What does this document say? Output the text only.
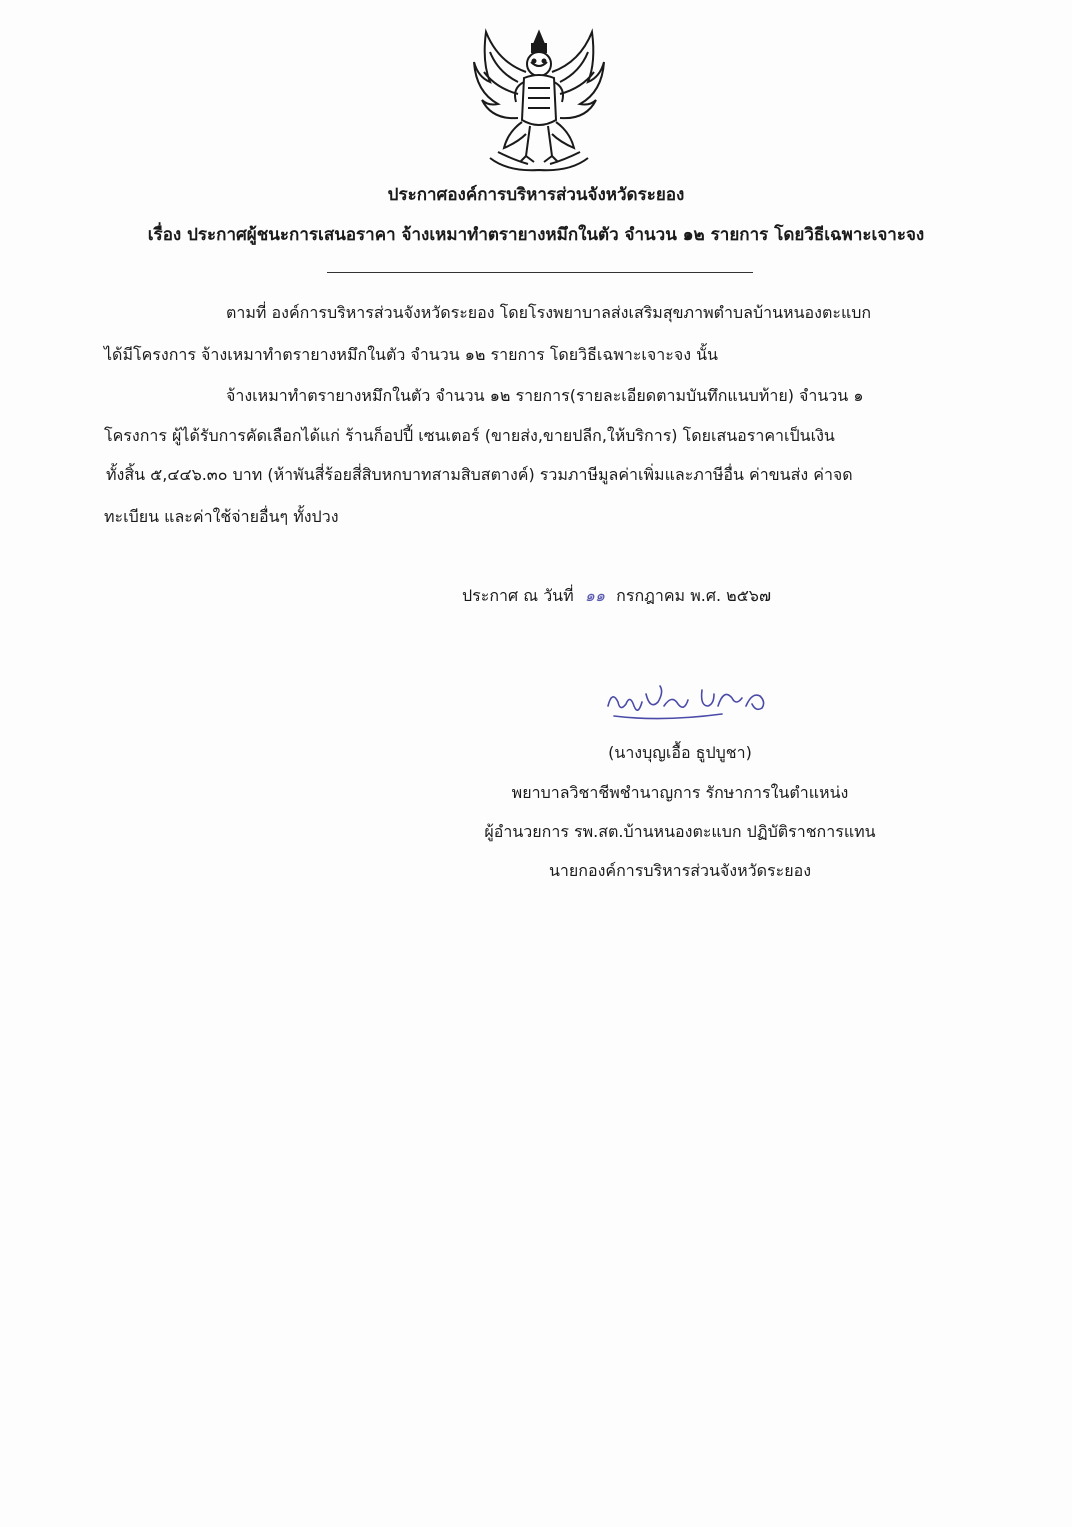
ประกาศองค์การบริหารส่วนจังหวัดระยอง
เรื่อง ประกาศผู้ชนะการเสนอราคา จ้างเหมาทำตรายางหมึกในตัว จำนวน ๑๒ รายการ โดยวิธีเฉพาะเจาะจง
ตามที่ องค์การบริหารส่วนจังหวัดระยอง โดยโรงพยาบาลส่งเสริมสุขภาพตำบลบ้านหนองตะแบก
ได้มีโครงการ จ้างเหมาทำตรายางหมึกในตัว จำนวน ๑๒ รายการ โดยวิธีเฉพาะเจาะจง นั้น
จ้างเหมาทำตรายางหมึกในตัว จำนวน ๑๒ รายการ(รายละเอียดตามบันทึกแนบท้าย) จำนวน ๑
โครงการ ผู้ได้รับการคัดเลือกได้แก่ ร้านก็อปปี้ เซนเตอร์ (ขายส่ง,ขายปลีก,ให้บริการ) โดยเสนอราคาเป็นเงิน
ทั้งสิ้น ๕,๔๔๖.๓๐ บาท (ห้าพันสี่ร้อยสี่สิบหกบาทสามสิบสตางค์) รวมภาษีมูลค่าเพิ่มและภาษีอื่น ค่าขนส่ง ค่าจด
ทะเบียน และค่าใช้จ่ายอื่นๆ ทั้งปวง
ประกาศ ณ วันที่ ๑๑ กรกฎาคม พ.ศ. ๒๕๖๗
(นางบุญเอื้อ ธูปบูชา)
พยาบาลวิชาชีพชำนาญการ รักษาการในตำแหน่ง
ผู้อำนวยการ รพ.สต.บ้านหนองตะแบก ปฏิบัติราชการแทน
นายกองค์การบริหารส่วนจังหวัดระยอง
